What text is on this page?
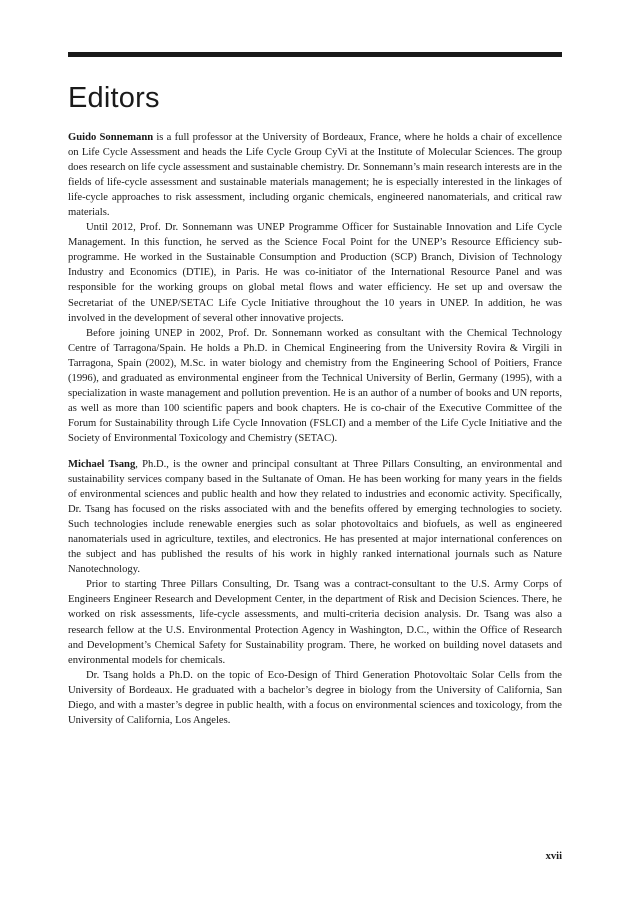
Editors

Guido Sonnemann is a full professor at the University of Bordeaux, France, where he holds a chair of excellence on Life Cycle Assessment and heads the Life Cycle Group CyVi at the Institute of Molecular Sciences. The group does research on life cycle assessment and sustainable chemistry. Dr. Sonnemann’s main research interests are in the fields of life-cycle assessment and sustainable materials management; he is especially interested in the linkages of life-cycle approaches to risk assessment, including organic chemicals, engineered nanomaterials, and critical raw materials.

Until 2012, Prof. Dr. Sonnemann was UNEP Programme Officer for Sustainable Innovation and Life Cycle Management. In this function, he served as the Science Focal Point for the UNEP’s Resource Efficiency sub-programme. He worked in the Sustainable Consumption and Production (SCP) Branch, Division of Technology Industry and Economics (DTIE), in Paris. He was co-initiator of the International Resource Panel and was responsible for the working groups on global metal flows and water efficiency. He set up and oversaw the Secretariat of the UNEP/SETAC Life Cycle Initiative throughout the 10 years in UNEP. In addition, he was involved in the development of several other innovative projects.

Before joining UNEP in 2002, Prof. Dr. Sonnemann worked as consultant with the Chemical Technology Centre of Tarragona/Spain. He holds a Ph.D. in Chemical Engineering from the University Rovira & Virgili in Tarragona, Spain (2002), M.Sc. in water biology and chemistry from the Engineering School of Poitiers, France (1996), and graduated as environmental engineer from the Technical University of Berlin, Germany (1995), with a specialization in waste management and pollution prevention. He is an author of a number of books and UN reports, as well as more than 100 scientific papers and book chapters. He is co-chair of the Executive Committee of the Forum for Sustainability through Life Cycle Innovation (FSLCI) and a member of the Life Cycle Initiative and the Society of Environmental Toxicology and Chemistry (SETAC).

Michael Tsang, Ph.D., is the owner and principal consultant at Three Pillars Consulting, an environmental and sustainability services company based in the Sultanate of Oman. He has been working for many years in the fields of environmental sciences and public health and how they related to industries and economic activity. Specifically, Dr. Tsang has focused on the risks associated with and the benefits offered by emerging technologies to society. Such technologies include renewable energies such as solar photovoltaics and biofuels, as well as engineered nanomaterials used in agriculture, textiles, and electronics. He has presented at major international conferences on the subject and has published the results of his work in highly ranked international journals such as Nature Nanotechnology.

Prior to starting Three Pillars Consulting, Dr. Tsang was a contract-consultant to the U.S. Army Corps of Engineers Engineer Research and Development Center, in the department of Risk and Decision Sciences. There, he worked on risk assessments, life-cycle assessments, and multi-criteria decision analysis. Dr. Tsang was also a research fellow at the U.S. Environmental Protection Agency in Washington, D.C., within the Office of Research and Development’s Chemical Safety for Sustainability program. There, he worked on building novel datasets and environmental models for chemicals.

Dr. Tsang holds a Ph.D. on the topic of Eco-Design of Third Generation Photovoltaic Solar Cells from the University of Bordeaux. He graduated with a bachelor’s degree in biology from the University of California, San Diego, and with a master’s degree in public health, with a focus on environmental sciences and toxicology, from the University of California, Los Angeles.

xvii
